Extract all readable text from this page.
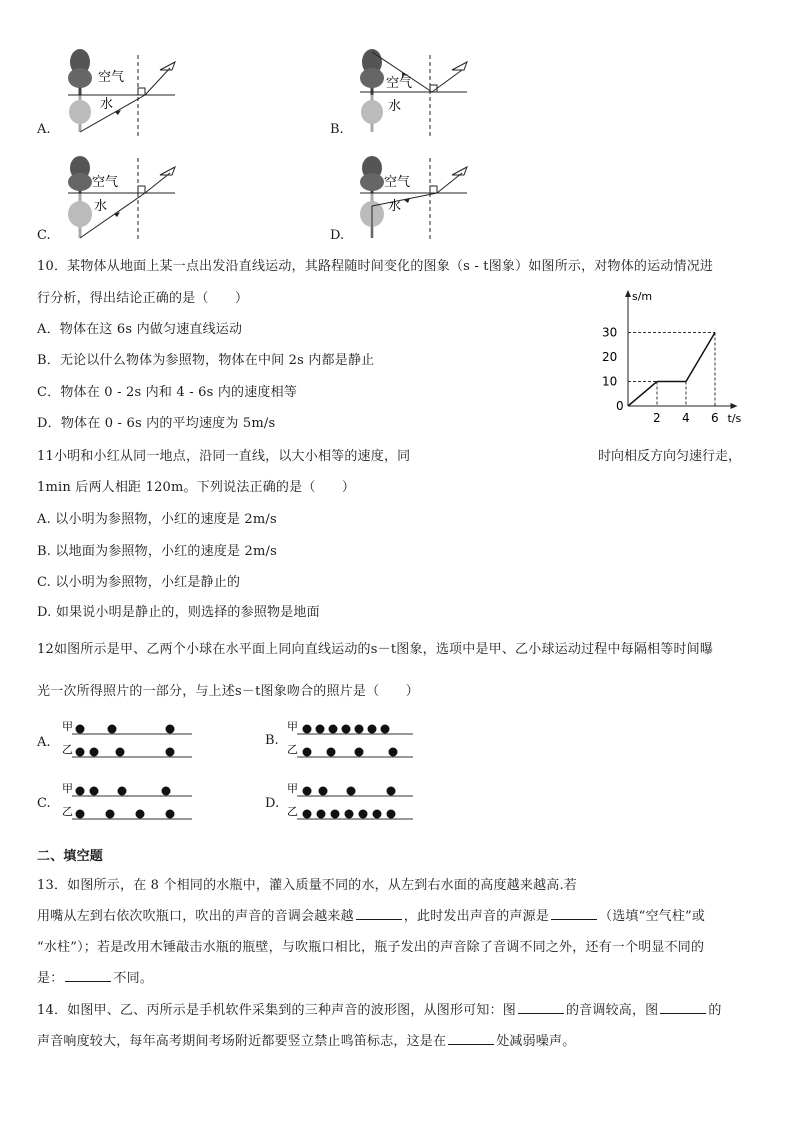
A.
空气
水
B.
空气
水
C.
空气
水
D.
空气
水
10．某物体从地面上某一点出发沿直线运动，其路程随时间变化的图象（s - t图象）如图所示，对物体的运动情况进
行分析，得出结论正确的是（　　）
A．物体在这 6s 内做匀速直线运动
B．无论以什么物体为参照物，物体在中间 2s 内都是静止
C．物体在 0 - 2s 内和 4 - 6s 内的速度相等
D．物体在 0 - 6s 内的平均速度为 5m/s
s/m
t/s
0
2 4 6
10
20
30
11小明和小红从同一地点，沿同一直线，以大小相等的速度，同	时向相反方向匀速行走，
1min 后两人相距 120m。下列说法正确的是（　　）
A. 以小明为参照物，小红的速度是 2m/s
B. 以地面为参照物，小红的速度是 2m/s
C. 以小明为参照物，小红是静止的
D. 如果说小明是静止的，则选择的参照物是地面
12如图所示是甲、乙两个小球在水平面上同向直线运动的s－t图象，选项中是甲、乙小球运动过程中每隔相等时间曝
光一次所得照片的一部分，与上述s－t图象吻合的照片是（　　）
A.
甲
乙
B.
甲
乙
C.
甲
乙
D.
甲
乙
二、填空题
13．如图所示，在 8 个相同的水瓶中，灌入质量不同的水，从左到右水面的高度越来越高.若
用嘴从左到右依次吹瓶口，吹出的声音的音调会越来越	，此时发出声音的声源是	（选填“空气柱”或
“水柱”）；若是改用木锤敲击水瓶的瓶壁，与吹瓶口相比，瓶子发出的声音除了音调不同之外，还有一个明显不同的
是：	不同。
14．如图甲、乙、丙所示是手机软件采集到的三种声音的波形图，从图形可知：图	的音调较高，图	的
声音响度较大，每年高考期间考场附近都要竖立禁止鸣笛标志，这是在	处减弱噪声。
